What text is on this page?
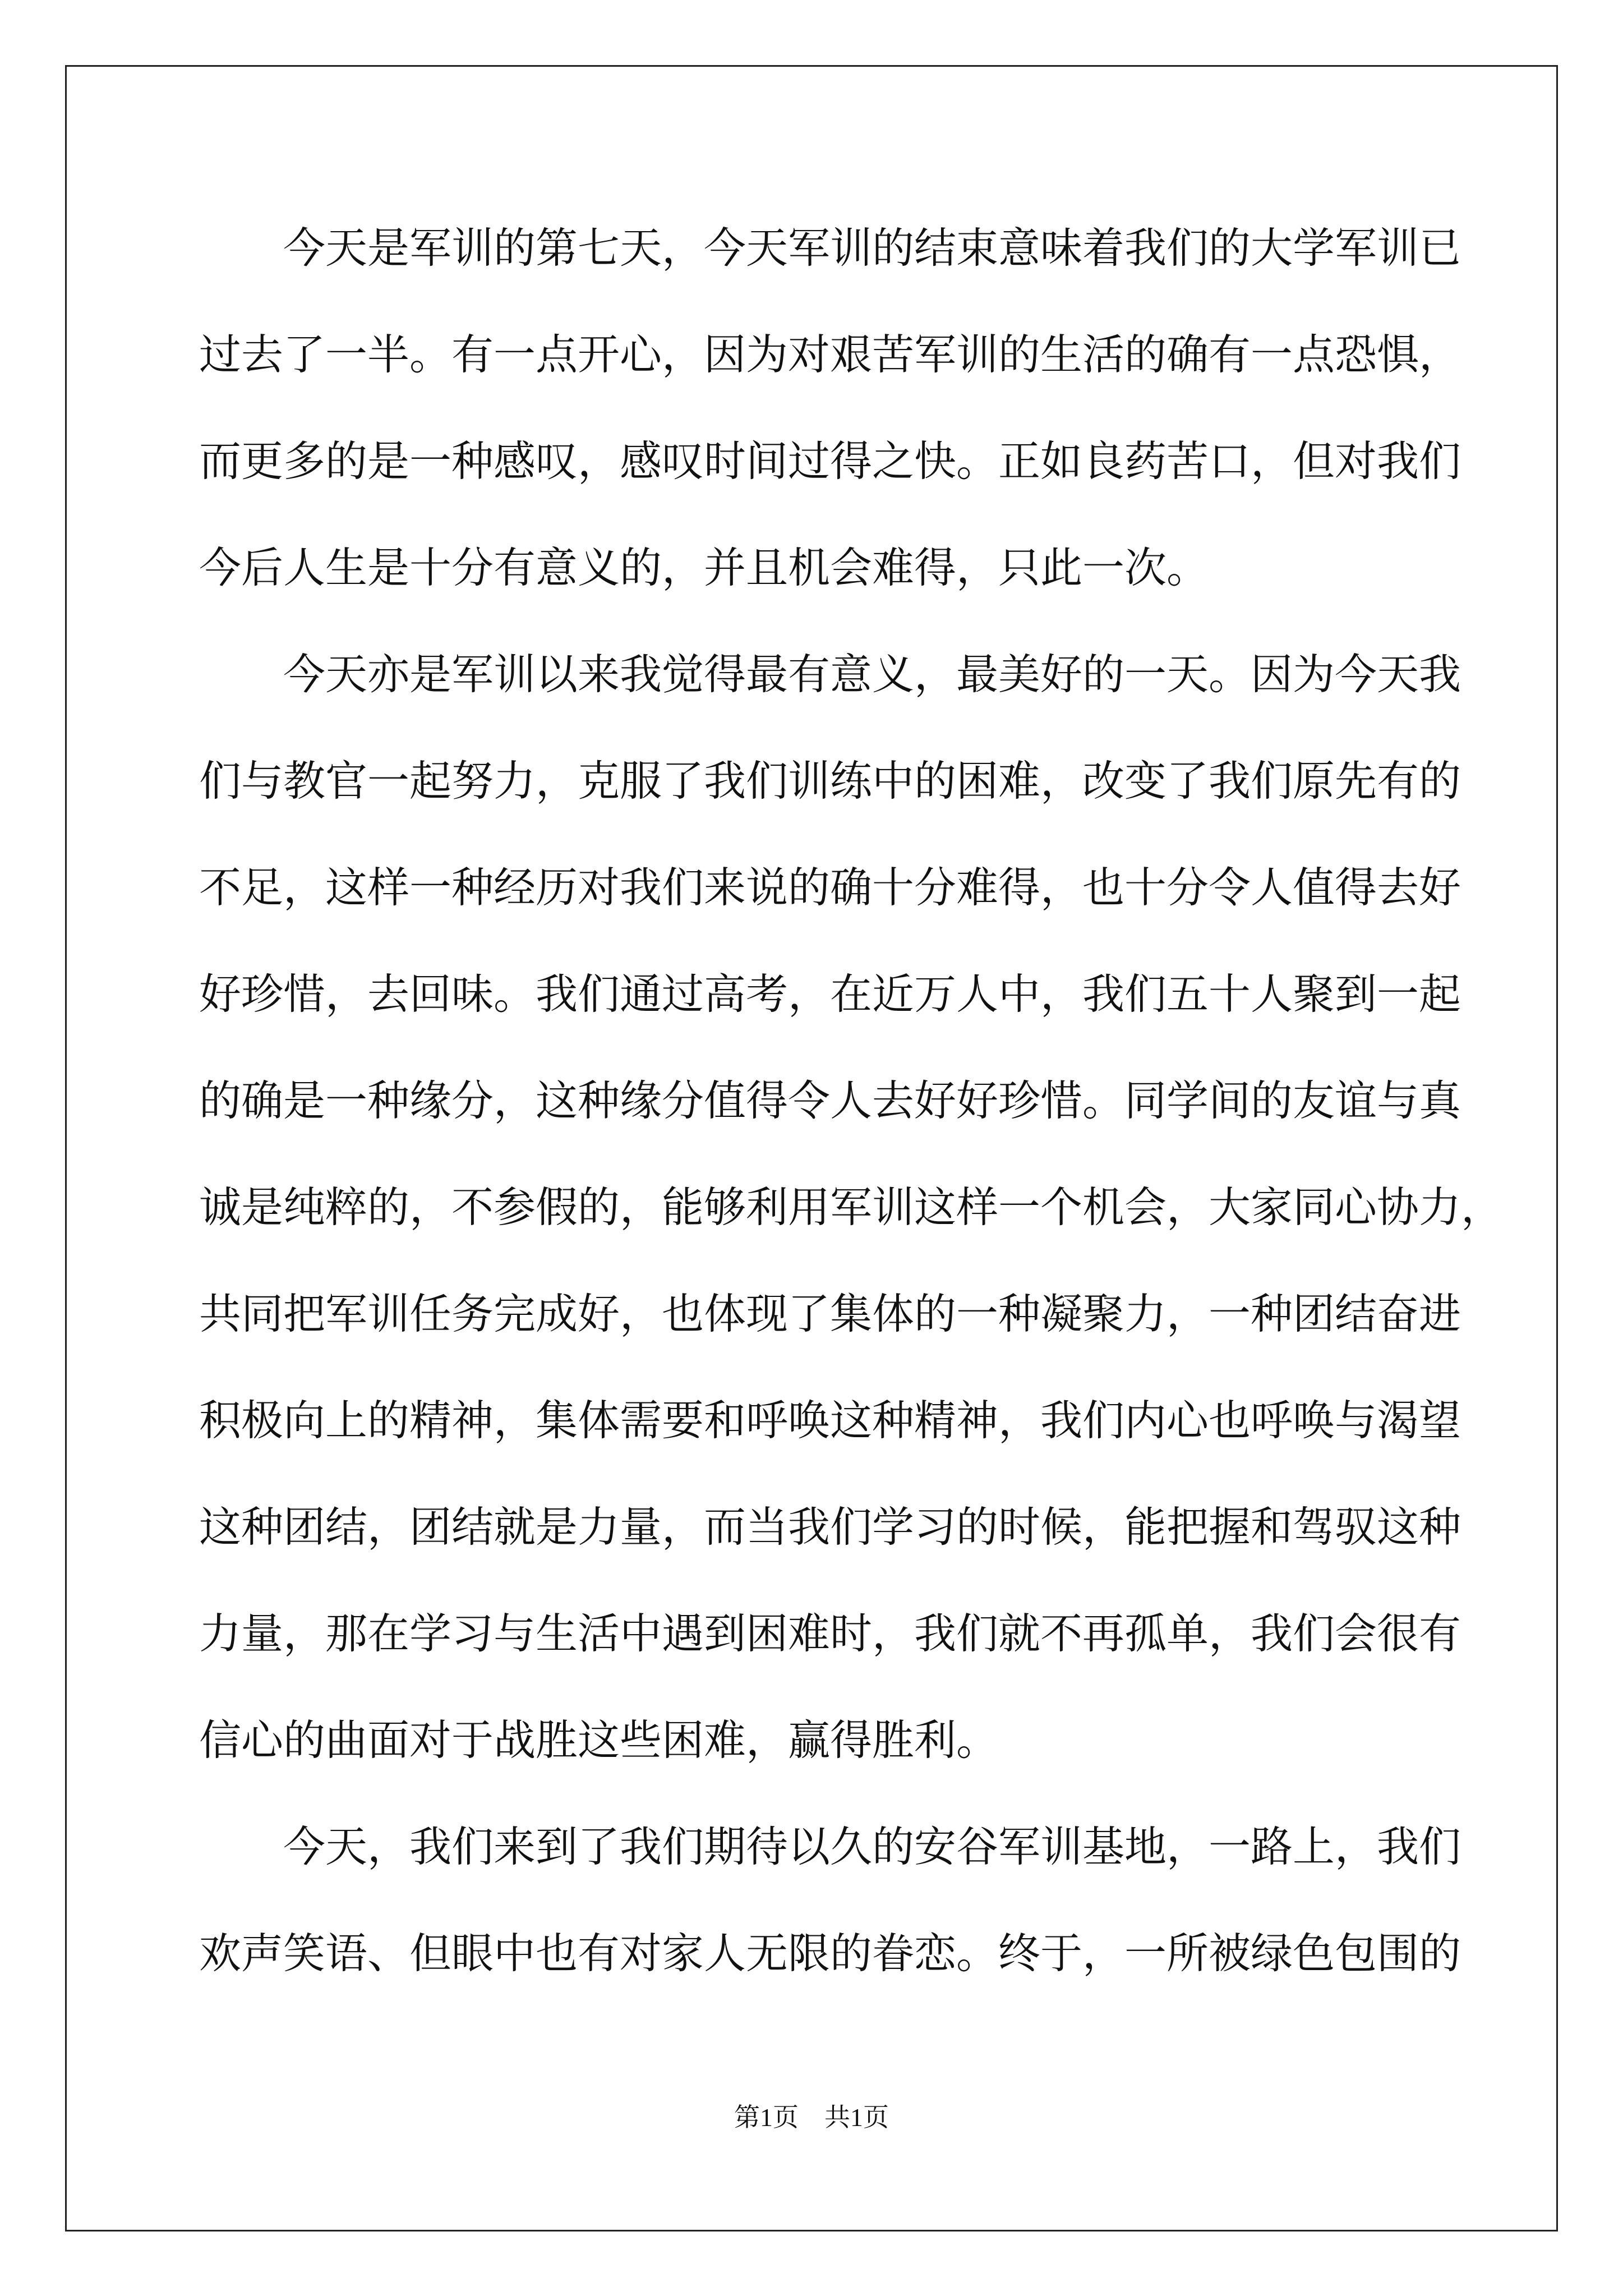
今天是军训的第七天，今天军训的结束意味着我们的大学军训已
过去了一半。有一点开心，因为对艰苦军训的生活的确有一点恐惧，
而更多的是一种感叹，感叹时间过得之快。正如良药苦口，但对我们
今后人生是十分有意义的，并且机会难得，只此一次。
今天亦是军训以来我觉得最有意义，最美好的一天。因为今天我
们与教官一起努力，克服了我们训练中的困难，改变了我们原先有的
不足，这样一种经历对我们来说的确十分难得，也十分令人值得去好
好珍惜，去回味。我们通过高考，在近万人中，我们五十人聚到一起
的确是一种缘分，这种缘分值得令人去好好珍惜。同学间的友谊与真
诚是纯粹的，不参假的，能够利用军训这样一个机会，大家同心协力，
共同把军训任务完成好，也体现了集体的一种凝聚力，一种团结奋进
积极向上的精神，集体需要和呼唤这种精神，我们内心也呼唤与渴望
这种团结，团结就是力量，而当我们学习的时候，能把握和驾驭这种
力量，那在学习与生活中遇到困难时，我们就不再孤单，我们会很有
信心的曲面对于战胜这些困难，赢得胜利。
今天，我们来到了我们期待以久的安谷军训基地，一路上，我们
欢声笑语、但眼中也有对家人无限的眷恋。终于，一所被绿色包围的
第1页　共1页
